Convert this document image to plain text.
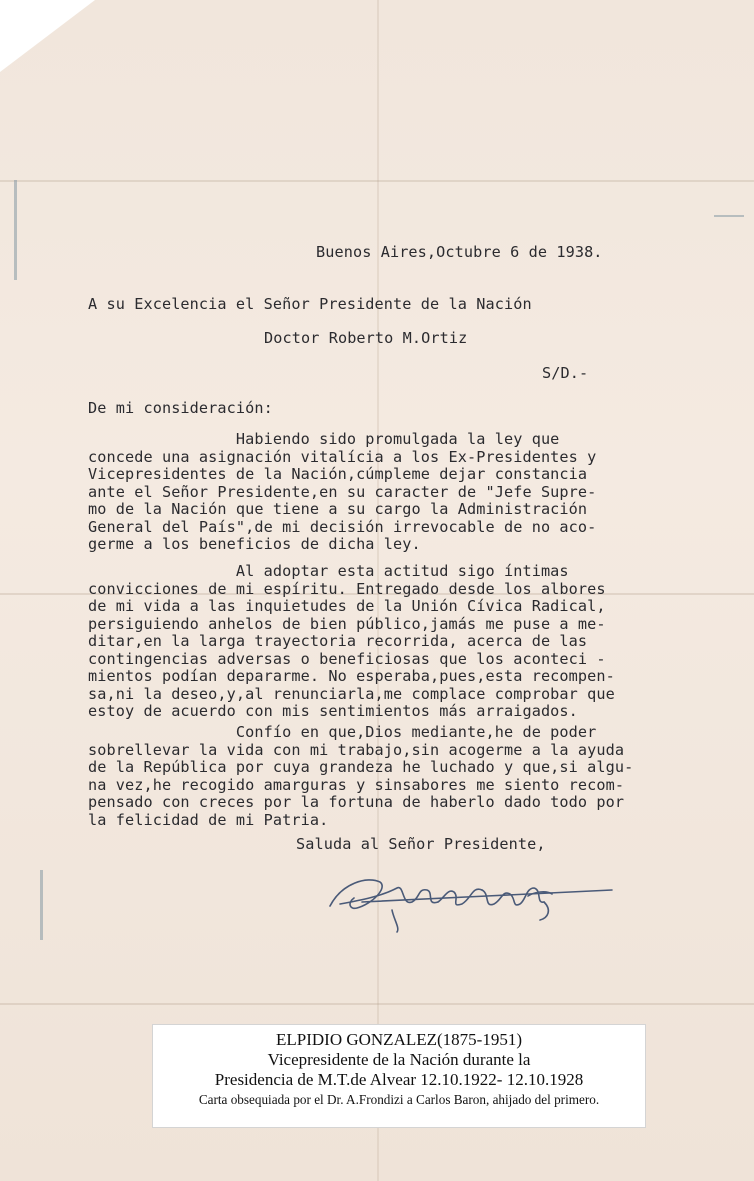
Buenos Aires,Octubre 6 de 1938.
A su Excelencia el Señor Presidente de la Nación
Doctor Roberto M.Ortiz
S/D.-
De mi consideración:
Habiendo sido promulgada la ley que
concede una asignación vitalícia a los Ex-Presidentes y
Vicepresidentes de la Nación,cúmpleme dejar constancia
ante el Señor Presidente,en su caracter de "Jefe Supre-
mo de la Nación que tiene a su cargo la Administración
General del País",de mi decisión irrevocable de no aco-
germe a los beneficios de dicha ley.
Al adoptar esta actitud sigo íntimas
convicciones de mi espíritu. Entregado desde los albores
de mi vida a las inquietudes de la Unión Cívica Radical,
persiguiendo anhelos de bien público,jamás me puse a me-
ditar,en la larga trayectoria recorrida, acerca de las
contingencias adversas o beneficiosas que los aconteci -
mientos podían depararme. No esperaba,pues,esta recompen-
sa,ni la deseo,y,al renunciarla,me complace comprobar que
estoy de acuerdo con mis sentimientos más arraigados.
Confío en que,Dios mediante,he de poder
sobrellevar la vida con mi trabajo,sin acogerme a la ayuda
de la República por cuya grandeza he luchado y que,si algu-
na vez,he recogido amarguras y sinsabores me siento recom-
pensado con creces por la fortuna de haberlo dado todo por
la felicidad de mi Patria.
Saluda al Señor Presidente,
ELPIDIO GONZALEZ(1875-1951)
Vicepresidente de la Nación durante la
Presidencia de M.T.de Alvear 12.10.1922- 12.10.1928
Carta obsequiada por el Dr. A.Frondizi a Carlos Baron, ahijado del primero.
